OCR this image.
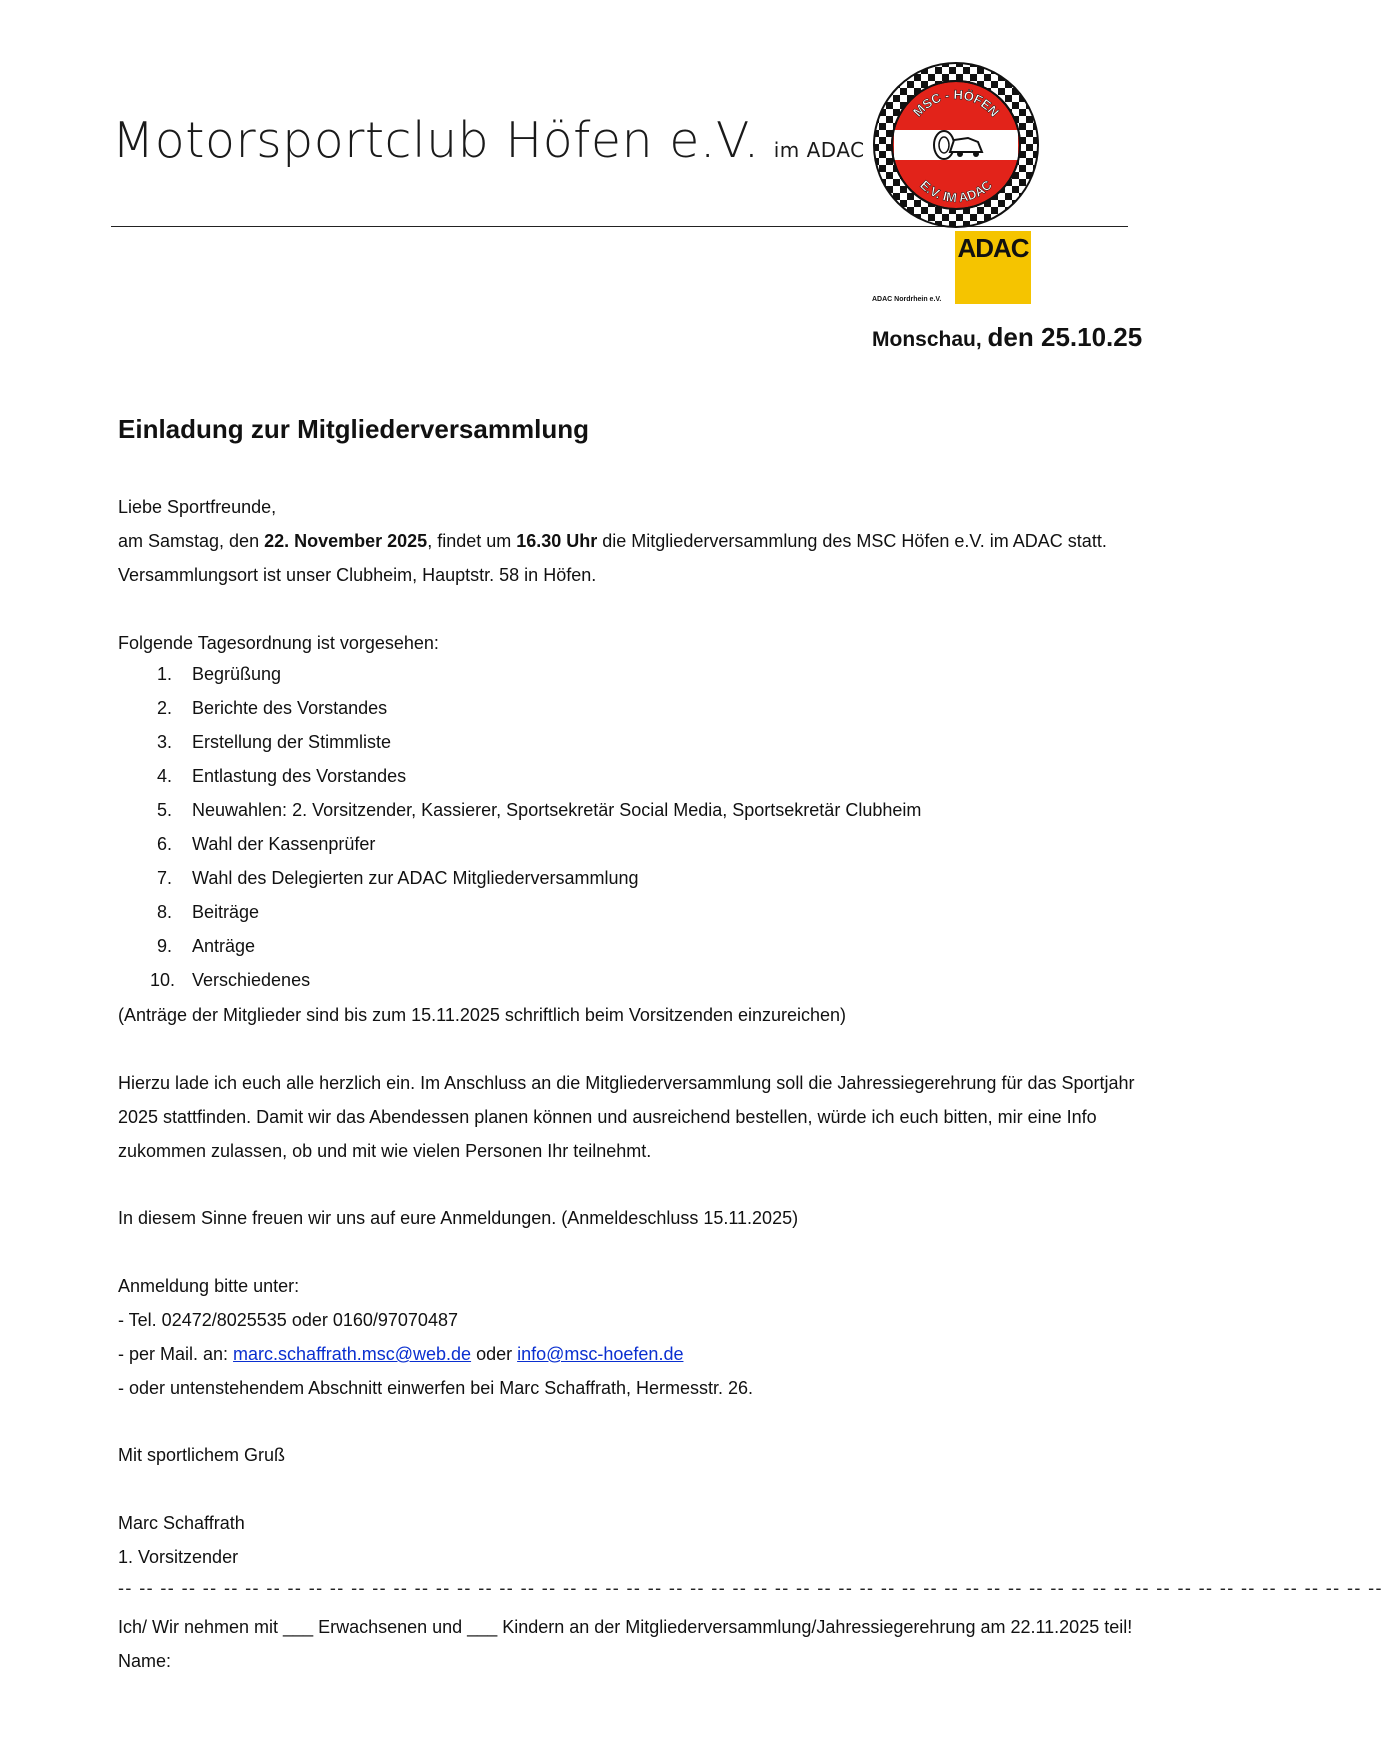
Motorsportclub Höfen e.V. im ADAC
MSC - HÖFEN
E.V. IM ADAC
ADAC
ADAC Nordrhein e.V.
Monschau, den 25.10.25
Einladung zur Mitgliederversammlung
Liebe Sportfreunde,
am Samstag, den 22. November 2025, findet um 16.30 Uhr die Mitgliederversammlung des MSC Höfen e.V. im ADAC statt.
Versammlungsort ist unser Clubheim, Hauptstr. 58 in Höfen.
Folgende Tagesordnung ist vorgesehen:
1. Begrüßung
2. Berichte des Vorstandes
3. Erstellung der Stimmliste
4. Entlastung des Vorstandes
5. Neuwahlen: 2. Vorsitzender, Kassierer, Sportsekretär Social Media, Sportsekretär Clubheim
6. Wahl der Kassenprüfer
7. Wahl des Delegierten zur ADAC Mitgliederversammlung
8. Beiträge
9. Anträge
10. Verschiedenes
(Anträge der Mitglieder sind bis zum 15.11.2025 schriftlich beim Vorsitzenden einzureichen)
Hierzu lade ich euch alle herzlich ein. Im Anschluss an die Mitgliederversammlung soll die Jahressiegerehrung für das Sportjahr
2025 stattfinden. Damit wir das Abendessen planen können und ausreichend bestellen, würde ich euch bitten, mir eine Info
zukommen zulassen, ob und mit wie vielen Personen Ihr teilnehmt.
In diesem Sinne freuen wir uns auf eure Anmeldungen. (Anmeldeschluss 15.11.2025)
Anmeldung bitte unter:
- Tel. 02472/8025535 oder 0160/97070487
- per Mail. an: marc.schaffrath.msc@web.de oder info@msc-hoefen.de
- oder untenstehendem Abschnitt einwerfen bei Marc Schaffrath, Hermesstr. 26.
Mit sportlichem Gruß
Marc Schaffrath
1. Vorsitzender
-- -- -- -- -- -- -- -- -- -- -- -- -- -- -- -- -- -- -- -- -- -- -- -- -- -- -- -- -- -- -- -- -- -- -- -- -- -- -- -- -- -- -- -- -- -- -- -- -- -- -- -- -- -- -- -- -- -- -- --
Ich/ Wir nehmen mit ___ Erwachsenen und ___ Kindern an der Mitgliederversammlung/Jahressiegerehrung am 22.11.2025 teil!
Name:
